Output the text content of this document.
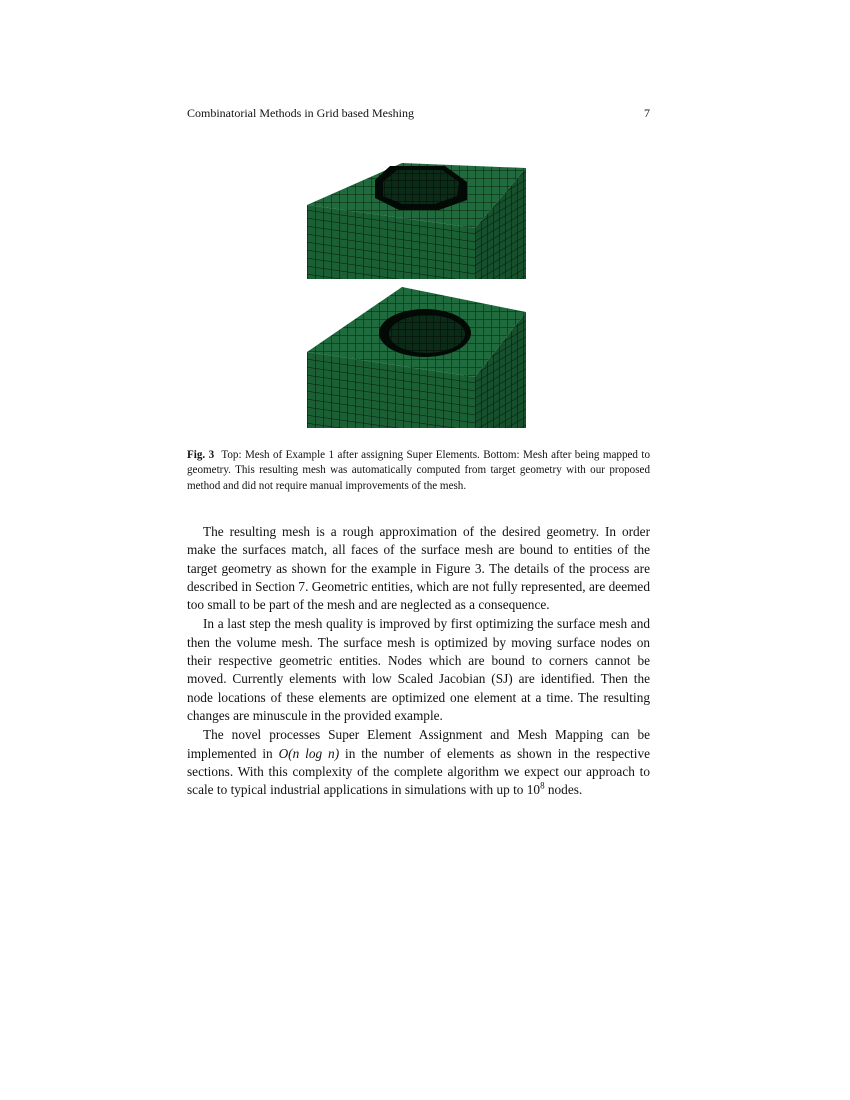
Combinatorial Methods in Grid based Meshing	7
Fig. 3 Top: Mesh of Example 1 after assigning Super Elements. Bottom: Mesh after being mapped to geometry. This resulting mesh was automatically computed from target geometry with our proposed method and did not require manual improvements of the mesh.

The resulting mesh is a rough approximation of the desired geometry. In order make the surfaces match, all faces of the surface mesh are bound to entities of the target geometry as shown for the example in Figure 3. The details of the process are described in Section 7. Geometric entities, which are not fully represented, are deemed too small to be part of the mesh and are neglected as a consequence.

In a last step the mesh quality is improved by first optimizing the surface mesh and then the volume mesh. The surface mesh is optimized by moving surface nodes on their respective geometric entities. Nodes which are bound to corners cannot be moved. Currently elements with low Scaled Jacobian (SJ) are identified. Then the node locations of these elements are optimized one element at a time. The resulting changes are minuscule in the provided example.

The novel processes Super Element Assignment and Mesh Mapping can be implemented in O(n log n) in the number of elements as shown in the respective sections. With this complexity of the complete algorithm we expect our approach to scale to typical industrial applications in simulations with up to $10^8$ nodes.
